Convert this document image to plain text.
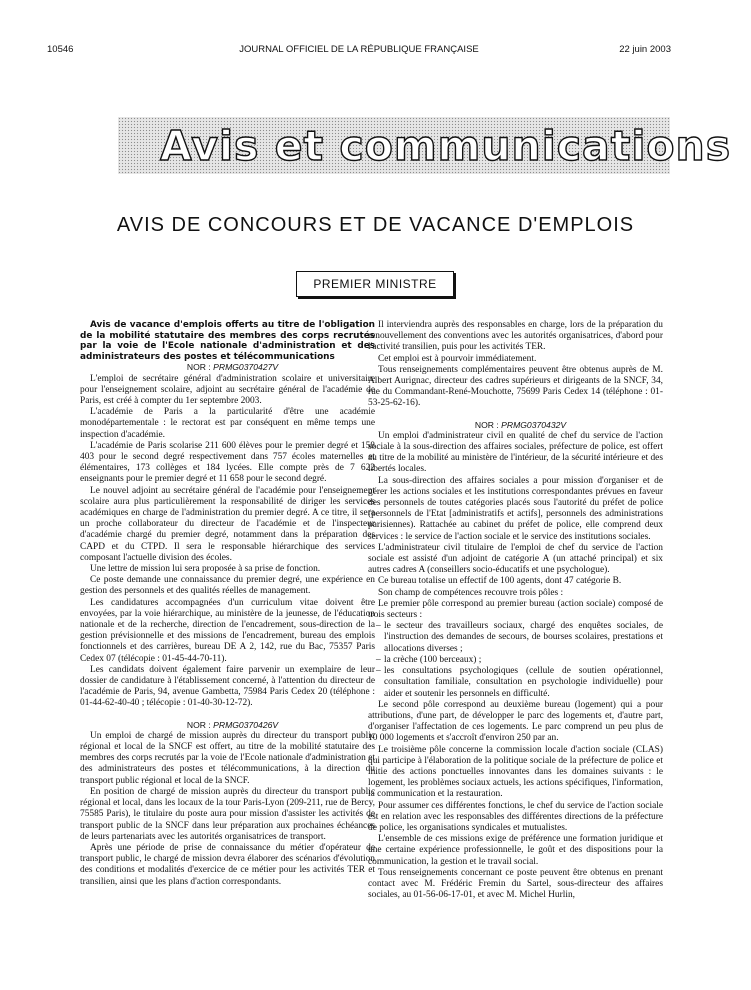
10546	JOURNAL OFFICIEL DE LA RÉPUBLIQUE FRANÇAISE	22 juin 2003
Avis et communications
AVIS DE CONCOURS ET DE VACANCE D'EMPLOIS
PREMIER MINISTRE

Avis de vacance d'emplois offerts au titre de l'obligation de la mobilité statutaire des membres des corps recrutés par la voie de l'Ecole nationale d'administration et des administrateurs des postes et télécommunications

NOR : PRMG0370427V

L'emploi de secrétaire général d'administration scolaire et universitaire pour l'enseignement scolaire, adjoint au secrétaire général de l'académie de Paris, est créé à compter du 1er septembre 2003.

L'académie de Paris a la particularité d'être une académie monodépartementale : le rectorat est par conséquent en même temps une inspection d'académie.

L'académie de Paris scolarise 211 600 élèves pour le premier degré et 158 403 pour le second degré respectivement dans 757 écoles maternelles et élémentaires, 173 collèges et 184 lycées. Elle compte près de 7 622 enseignants pour le premier degré et 11 658 pour le second degré.

Le nouvel adjoint au secrétaire général de l'académie pour l'enseignement scolaire aura plus particulièrement la responsabilité de diriger les services académiques en charge de l'administration du premier degré. A ce titre, il sera un proche collaborateur du directeur de l'académie et de l'inspecteur d'académie chargé du premier degré, notamment dans la préparation des CAPD et du CTPD. Il sera le responsable hiérarchique des services composant l'actuelle division des écoles.

Une lettre de mission lui sera proposée à sa prise de fonction.

Ce poste demande une connaissance du premier degré, une expérience en gestion des personnels et des qualités réelles de management.

Les candidatures accompagnées d'un curriculum vitae doivent être envoyées, par la voie hiérarchique, au ministère de la jeunesse, de l'éducation nationale et de la recherche, direction de l'encadrement, sous-direction de la gestion prévisionnelle et des missions de l'encadrement, bureau des emplois fonctionnels et des carrières, bureau DE A 2, 142, rue du Bac, 75357 Paris Cedex 07 (télécopie : 01-45-44-70-11).

Les candidats doivent également faire parvenir un exemplaire de leur dossier de candidature à l'établissement concerné, à l'attention du directeur de l'académie de Paris, 94, avenue Gambetta, 75984 Paris Cedex 20 (téléphone : 01-44-62-40-40 ; télécopie : 01-40-30-12-72).

NOR : PRMG0370426V

Un emploi de chargé de mission auprès du directeur du transport public régional et local de la SNCF est offert, au titre de la mobilité statutaire des membres des corps recrutés par la voie de l'Ecole nationale d'administration et des administrateurs des postes et télécommunications, à la direction du transport public régional et local de la SNCF.

En position de chargé de mission auprès du directeur du transport public régional et local, dans les locaux de la tour Paris-Lyon (209-211, rue de Bercy, 75585 Paris), le titulaire du poste aura pour mission d'assister les activités de transport public de la SNCF dans leur préparation aux prochaines échéances de leurs partenariats avec les autorités organisatrices de transport.

Après une période de prise de connaissance du métier d'opérateur de transport public, le chargé de mission devra élaborer des scénarios d'évolution des conditions et modalités d'exercice de ce métier pour les activités TER et transilien, ainsi que les plans d'action correspondants.

Il interviendra auprès des responsables en charge, lors de la préparation du renouvellement des conventions avec les autorités organisatrices, d'abord pour l'activité transilien, puis pour les activités TER.

Cet emploi est à pourvoir immédiatement.

Tous renseignements complémentaires peuvent être obtenus auprès de M. Albert Aurignac, directeur des cadres supérieurs et dirigeants de la SNCF, 34, rue du Commandant-René-Mouchotte, 75699 Paris Cedex 14 (téléphone : 01-53-25-62-16).

NOR : PRMG0370432V

Un emploi d'administrateur civil en qualité de chef du service de l'action sociale à la sous-direction des affaires sociales, préfecture de police, est offert au titre de la mobilité au ministère de l'intérieur, de la sécurité intérieure et des libertés locales.

La sous-direction des affaires sociales a pour mission d'organiser et de gérer les actions sociales et les institutions correspondantes prévues en faveur des personnels de toutes catégories placés sous l'autorité du préfet de police (personnels de l'Etat [administratifs et actifs], personnels des administrations parisiennes). Rattachée au cabinet du préfet de police, elle comprend deux services : le service de l'action sociale et le service des institutions sociales.

L'administrateur civil titulaire de l'emploi de chef du service de l'action sociale est assisté d'un adjoint de catégorie A (un attaché principal) et six autres cadres A (conseillers socio-éducatifs et une psychologue).

Ce bureau totalise un effectif de 100 agents, dont 47 catégorie B.

Son champ de compétences recouvre trois pôles :

Le premier pôle correspond au premier bureau (action sociale) composé de trois secteurs :

– le secteur des travailleurs sociaux, chargé des enquêtes sociales, de l'instruction des demandes de secours, de bourses scolaires, prestations et allocations diverses ;
– la crèche (100 berceaux) ;
– les consultations psychologiques (cellule de soutien opérationnel, consultation familiale, consultation en psychologie individuelle) pour aider et soutenir les personnels en difficulté.

Le second pôle correspond au deuxième bureau (logement) qui a pour attributions, d'une part, de développer le parc des logements et, d'autre part, d'organiser l'affectation de ces logements. Le parc comprend un peu plus de 10 000 logements et s'accroît d'environ 250 par an.

Le troisième pôle concerne la commission locale d'action sociale (CLAS) qui participe à l'élaboration de la politique sociale de la préfecture de police et initie des actions ponctuelles innovantes dans les domaines suivants : le logement, les problèmes sociaux actuels, les actions spécifiques, l'information, la communication et la restauration.

Pour assumer ces différentes fonctions, le chef du service de l'action sociale est en relation avec les responsables des différentes directions de la préfecture de police, les organisations syndicales et mutualistes.

L'ensemble de ces missions exige de préférence une formation juridique et une certaine expérience professionnelle, le goût et des dispositions pour la communication, la gestion et le travail social.

Tous renseignements concernant ce poste peuvent être obtenus en prenant contact avec M. Frédéric Fremin du Sartel, sous-directeur des affaires sociales, au 01-56-06-17-01, et avec M. Michel Hurlin,
